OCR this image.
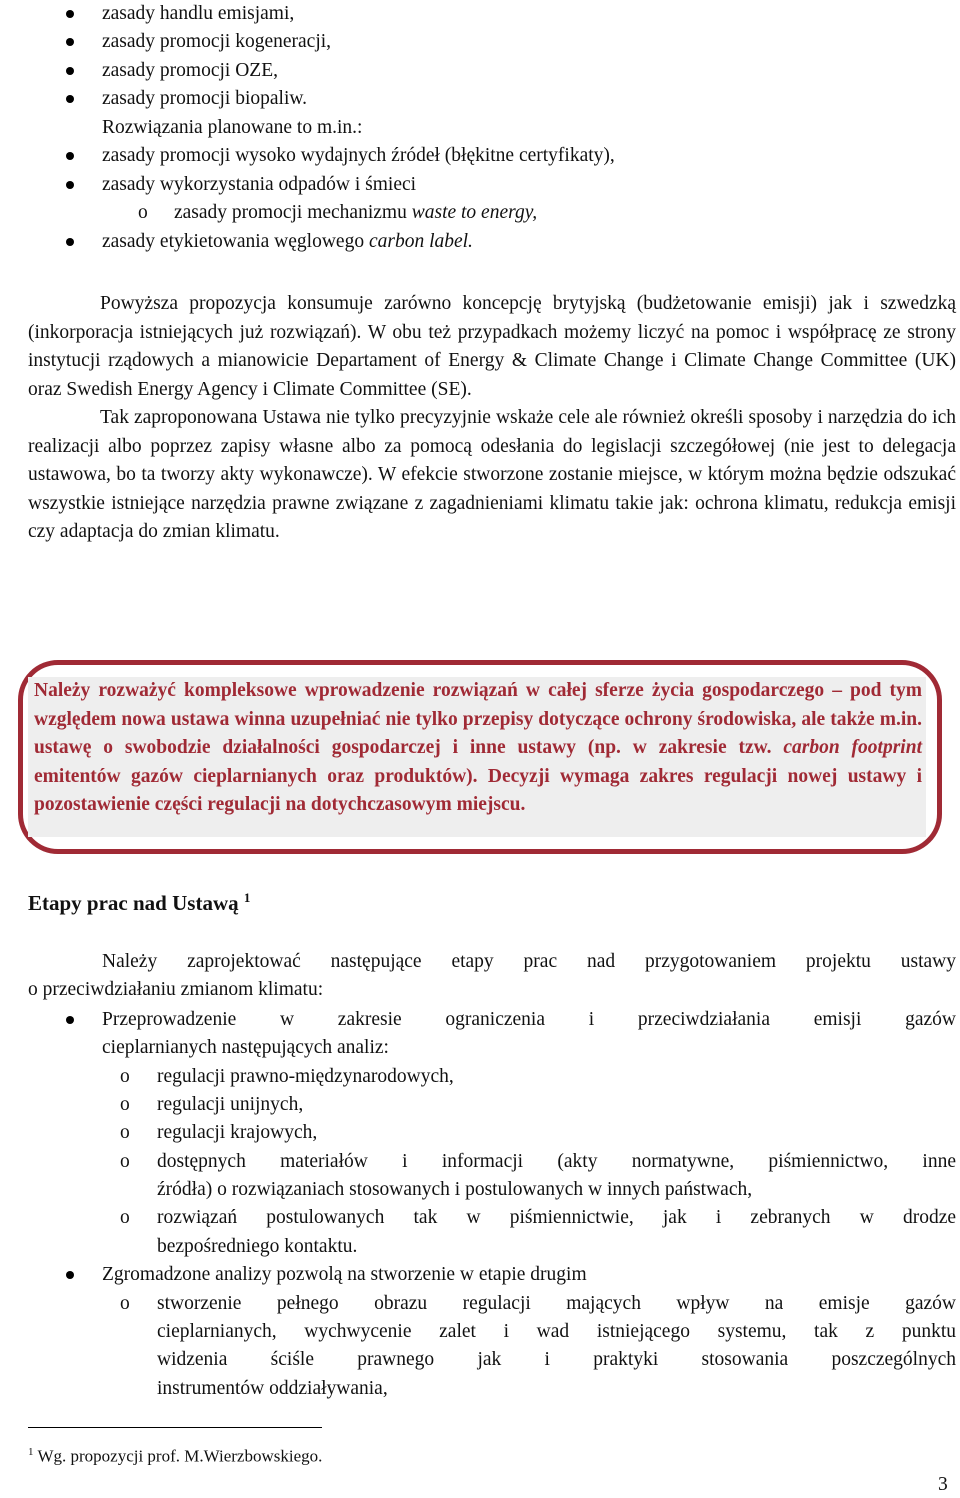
zasady handlu emisjami,
zasady promocji kogeneracji,
zasady promocji OZE,
zasady promocji biopaliw.
Rozwiązania planowane to m.in.:
zasady promocji wysoko wydajnych źródeł (błękitne certyfikaty),
zasady wykorzystania odpadów i śmieci
o zasady promocji mechanizmu waste to energy,
zasady etykietowania węglowego carbon label.

Powyższa propozycja konsumuje zarówno koncepcję brytyjską (budżetowanie emisji) jak i szwedzką (inkorporacja istniejących już rozwiązań). W obu też przypadkach możemy liczyć na pomoc i współpracę ze strony instytucji rządowych a mianowicie Departament of Energy & Climate Change i Climate Change Committee (UK) oraz Swedish Energy Agency i Climate Committee (SE).

Tak zaproponowana Ustawa nie tylko precyzyjnie wskaże cele ale również określi sposoby i narzędzia do ich realizacji albo poprzez zapisy własne albo za pomocą odesłania do legislacji szczegółowej (nie jest to delegacja ustawowa, bo ta tworzy akty wykonawcze). W efekcie stworzone zostanie miejsce, w którym można będzie odszukać wszystkie istniejące narzędzia prawne związane z zagadnieniami klimatu takie jak: ochrona klimatu, redukcja emisji czy adaptacja do zmian klimatu.

Należy rozważyć kompleksowe wprowadzenie rozwiązań w całej sferze życia gospodarczego – pod tym względem nowa ustawa winna uzupełniać nie tylko przepisy dotyczące ochrony środowiska, ale także m.in. ustawę o swobodzie działalności gospodarczej i inne ustawy (np. w zakresie tzw. carbon footprint emitentów gazów cieplarnianych oraz produktów). Decyzji wymaga zakres regulacji nowej ustawy i pozostawienie części regulacji na dotychczasowym miejscu.
Etapy prac nad Ustawą $^1$
Należy zaprojektować następujące etapy prac nad przygotowaniem projektu ustawy
o przeciwdziałaniu zmianom klimatu:
Przeprowadzenie w zakresie ograniczenia i przeciwdziałania emisji gazów
cieplarnianych następujących analiz:
o regulacji prawno-międzynarodowych,
o regulacji unijnych,
o regulacji krajowych,
o dostępnych materiałów i informacji (akty normatywne, piśmiennictwo, inne
źródła) o rozwiązaniach stosowanych i postulowanych w innych państwach,
o rozwiązań postulowanych tak w piśmiennictwie, jak i zebranych w drodze
bezpośredniego kontaktu.
Zgromadzone analizy pozwolą na stworzenie w etapie drugim
o stworzenie pełnego obrazu regulacji mających wpływ na emisje gazów
cieplarnianych, wychwycenie zalet i wad istniejącego systemu, tak z punktu
widzenia ściśle prawnego jak i praktyki stosowania poszczególnych
instrumentów oddziaływania,
$^1$ Wg. propozycji prof. M.Wierzbowskiego.
3
